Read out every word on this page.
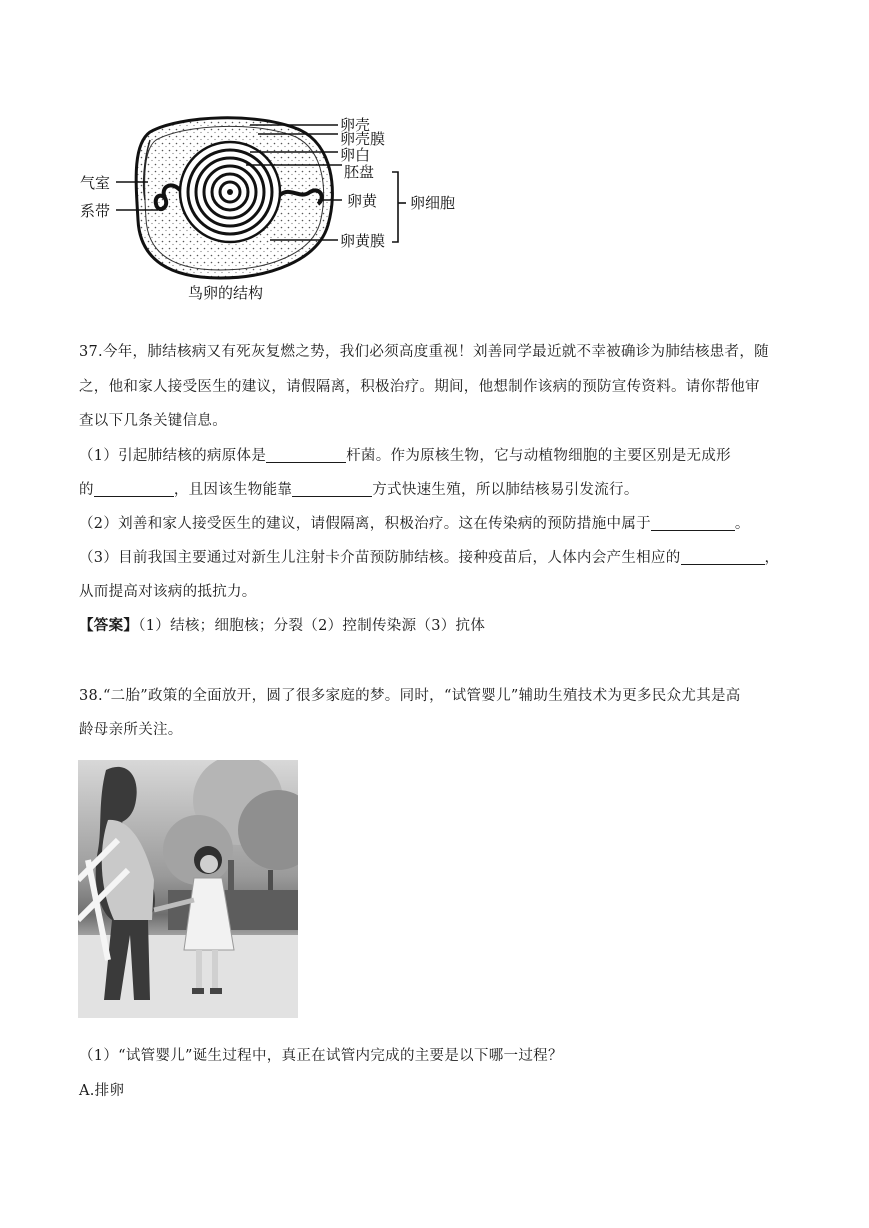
卵壳
卵壳膜
卵白
胚盘
卵黄
卵黄膜
卵细胞
气室
系带
鸟卵的结构
37.今年，肺结核病又有死灰复燃之势，我们必须高度重视！刘善同学最近就不幸被确诊为肺结核患者，随
之，他和家人接受医生的建议，请假隔离，积极治疗。期间，他想制作该病的预防宣传资料。请你帮他审
查以下几条关键信息。
（1）引起肺结核的病原体是	杆菌。作为原核生物，它与动植物细胞的主要区别是无成形
的	，且因该生物能靠	方式快速生殖，所以肺结核易引发流行。
（2）刘善和家人接受医生的建议，请假隔离，积极治疗。这在传染病的预防措施中属于	。
（3）目前我国主要通过对新生儿注射卡介苗预防肺结核。接种疫苗后，人体内会产生相应的	，
从而提高对该病的抵抗力。
【答案】（1）结核；细胞核；分裂（2）控制传染源（3）抗体
38.“二胎”政策的全面放开，圆了很多家庭的梦。同时，“试管婴儿”辅助生殖技术为更多民众尤其是高
龄母亲所关注。
（1）“试管婴儿”诞生过程中，真正在试管内完成的主要是以下哪一过程？
A.排卵
